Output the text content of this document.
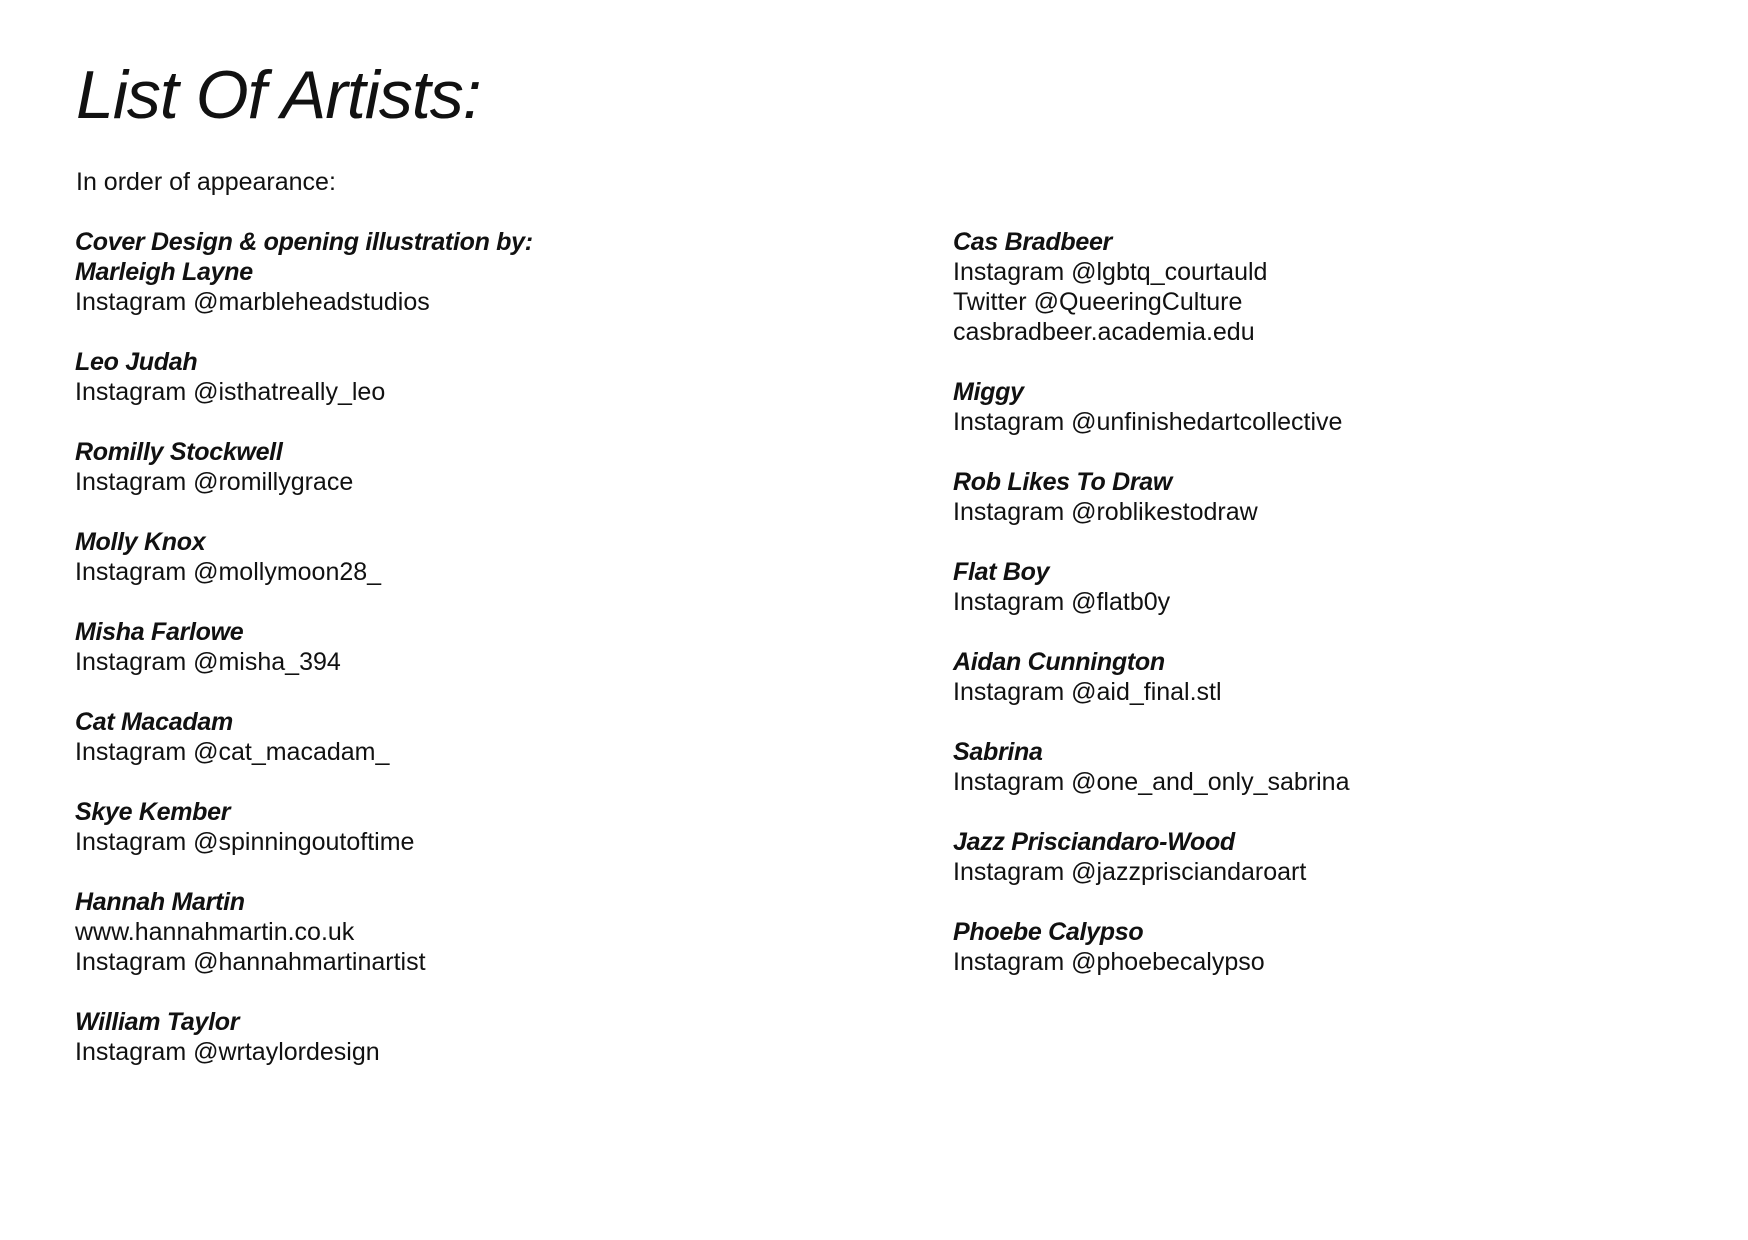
List Of Artists:

In order of appearance:

Cover Design & opening illustration by:
Marleigh Layne
Instagram @marbleheadstudios
Leo Judah
Instagram @isthatreally_leo
Romilly Stockwell
Instagram @romillygrace
Molly Knox
Instagram @mollymoon28_
Misha Farlowe
Instagram @misha_394
Cat Macadam
Instagram @cat_macadam_
Skye Kember
Instagram @spinningoutoftime
Hannah Martin
www.hannahmartin.co.uk
Instagram @hannahmartinartist
William Taylor
Instagram @wrtaylordesign
Cas Bradbeer
Instagram @lgbtq_courtauld
Twitter @QueeringCulture
casbradbeer.academia.edu
Miggy
Instagram @unfinishedartcollective
Rob Likes To Draw
Instagram @roblikestodraw
Flat Boy
Instagram @flatb0y
Aidan Cunnington
Instagram @aid_final.stl
Sabrina
Instagram @one_and_only_sabrina
Jazz Prisciandaro-Wood
Instagram @jazzprisciandaroart
Phoebe Calypso
Instagram @phoebecalypso
